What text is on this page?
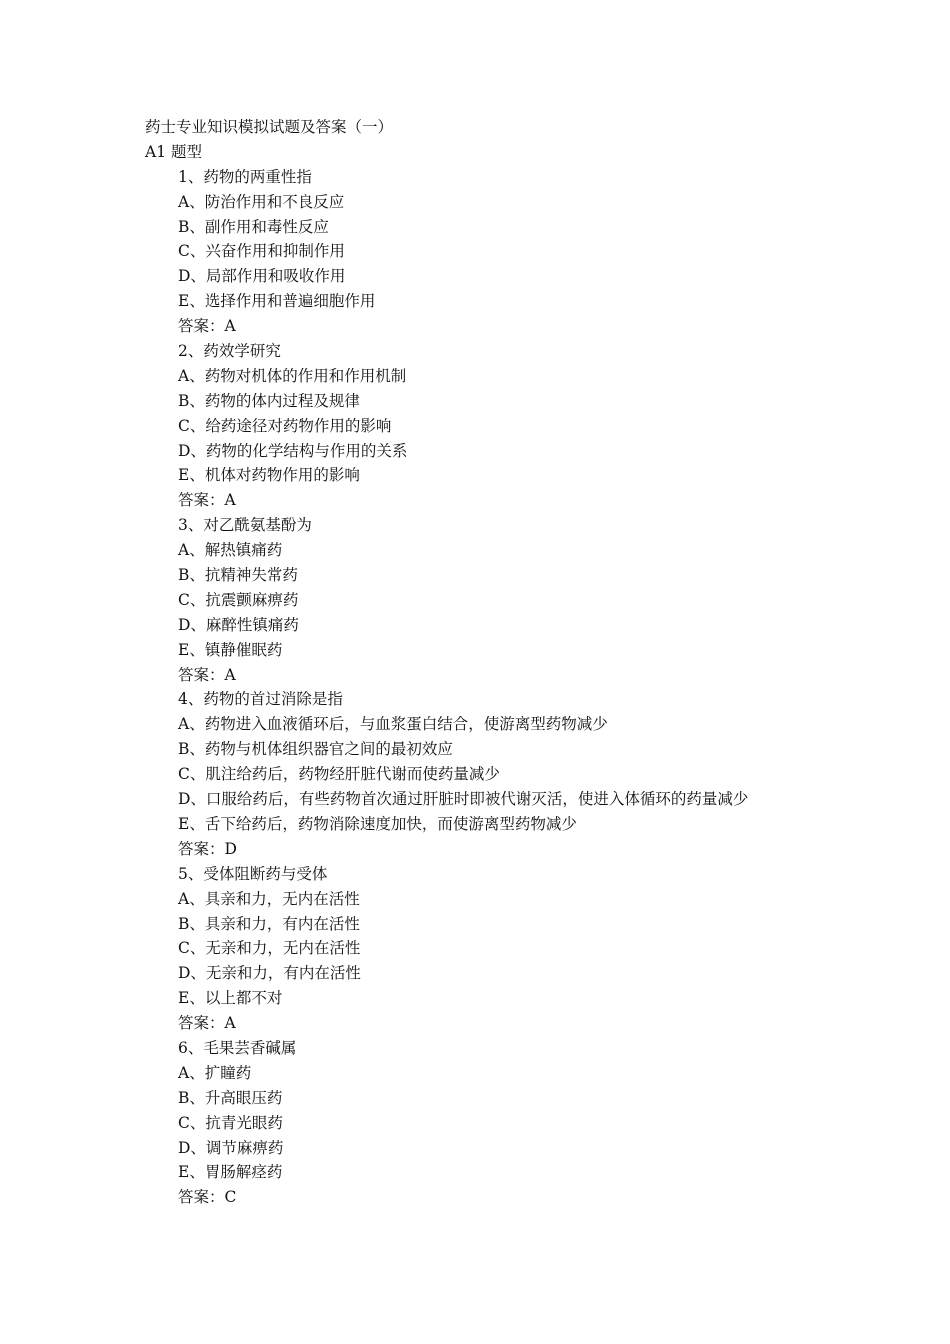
药士专业知识模拟试题及答案（一）
A1 题型
1、药物的两重性指
A、防治作用和不良反应
B、副作用和毒性反应
C、兴奋作用和抑制作用
D、局部作用和吸收作用
E、选择作用和普遍细胞作用
答案：A
2、药效学研究
A、药物对机体的作用和作用机制
B、药物的体内过程及规律
C、给药途径对药物作用的影响
D、药物的化学结构与作用的关系
E、机体对药物作用的影响
答案：A
3、对乙酰氨基酚为
A、解热镇痛药
B、抗精神失常药
C、抗震颤麻痹药
D、麻醉性镇痛药
E、镇静催眠药
答案：A
4、药物的首过消除是指
A、药物进入血液循环后，与血浆蛋白结合，使游离型药物减少
B、药物与机体组织器官之间的最初效应
C、肌注给药后，药物经肝脏代谢而使药量减少
D、口服给药后，有些药物首次通过肝脏时即被代谢灭活，使进入体循环的药量减少
E、舌下给药后，药物消除速度加快，而使游离型药物减少
答案：D
5、受体阻断药与受体
A、具亲和力，无内在活性
B、具亲和力，有内在活性
C、无亲和力，无内在活性
D、无亲和力，有内在活性
E、以上都不对
答案：A
6、毛果芸香碱属
A、扩瞳药
B、升高眼压药
C、抗青光眼药
D、调节麻痹药
E、胃肠解痉药
答案：C
